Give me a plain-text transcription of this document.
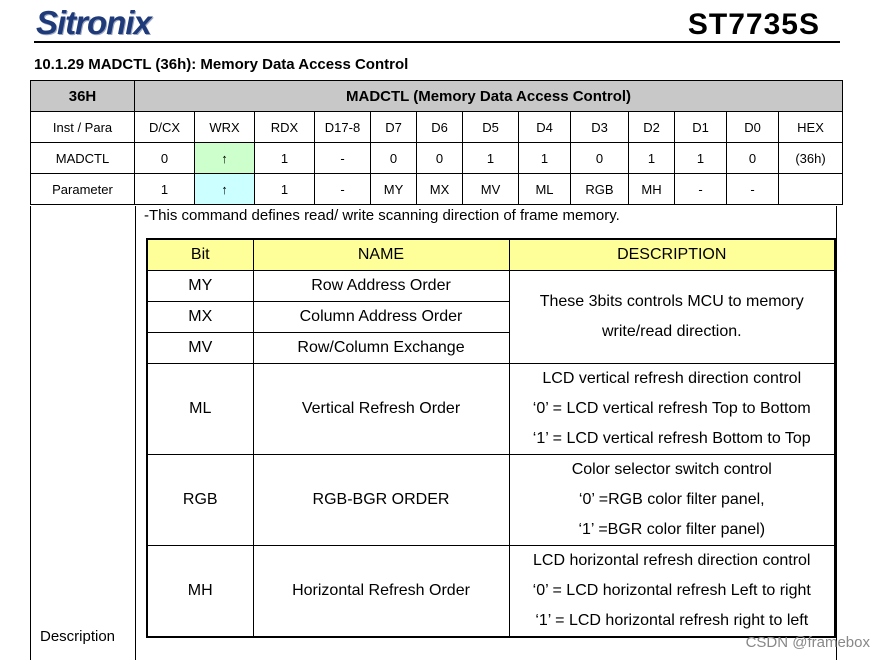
Sitronix	ST7735S
10.1.29 MADCTL (36h): Memory Data Access Control
36H	MADCTL (Memory Data Access Control)												
Inst / Para	D/CX	WRX	RDX	D17-8	D7	D6	D5	D4	D3	D2	D1	D0	HEX
MADCTL	0	↑	1	-	0	0	1	1	0	1	1	0	(36h)
Parameter	1	↑	1	-	MY	MX	MV	ML	RGB	MH	-	-	
Description
-This command defines read/ write scanning direction of frame memory.
Bit	NAME	DESCRIPTION
MY	Row Address Order	These 3bits controls MCU to memory
write/read direction.

MX	Column Address Order	
MV	Row/Column Exchange	
ML	Vertical Refresh Order	LCD vertical refresh direction control
‘0’ = LCD vertical refresh Top to Bottom
‘1’ = LCD vertical refresh Bottom to Top

RGB	RGB-BGR ORDER	Color selector switch control
‘0’ =RGB color filter panel,
‘1’ =BGR color filter panel)

MH	Horizontal Refresh Order	LCD horizontal refresh direction control
‘0’ = LCD horizontal refresh Left to right
‘1’ = LCD horizontal refresh right to left
CSDN @framebox
